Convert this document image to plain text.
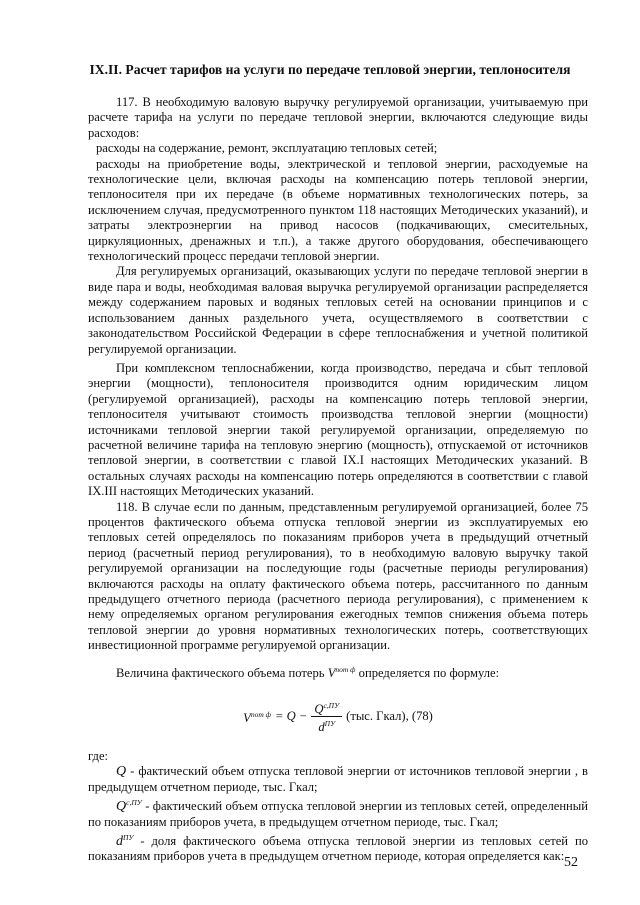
IX.II. Расчет тарифов на услуги по передаче тепловой энергии, теплоносителя

117. В необходимую валовую выручку регулируемой организации, учитываемую при расчете тарифа на услуги по передаче тепловой энергии, включаются следующие виды расходов:

расходы на содержание, ремонт, эксплуатацию тепловых сетей;

расходы на приобретение воды, электрической и тепловой энергии, расходуемые на технологические цели, включая расходы на компенсацию потерь тепловой энергии, теплоносителя при их передаче (в объеме нормативных технологических потерь, за исключением случая, предусмотренного пунктом 118 настоящих Методических указаний), и затраты электроэнергии на привод насосов (подкачивающих, смесительных, циркуляционных, дренажных и т.п.), а также другого оборудования, обеспечивающего технологический процесс передачи тепловой энергии.

Для регулируемых организаций, оказывающих услуги по передаче тепловой энергии в виде пара и воды, необходимая валовая выручка регулируемой организации распределяется между содержанием паровых и водяных тепловых сетей на основании принципов и с использованием данных раздельного учета, осуществляемого в соответствии с законодательством Российской Федерации в сфере теплоснабжения и учетной политикой регулируемой организации.

При комплексном теплоснабжении, когда производство, передача и сбыт тепловой энергии (мощности), теплоносителя производится одним юридическим лицом (регулируемой организацией), расходы на компенсацию потерь тепловой энергии, теплоносителя учитывают стоимость производства тепловой энергии (мощности) источниками тепловой энергии такой регулируемой организации, определяемую по расчетной величине тарифа на тепловую энергию (мощность), отпускаемой от источников тепловой энергии, в соответствии с главой IX.I настоящих Методических указаний. В остальных случаях расходы на компенсацию потерь определяются в соответствии с главой IX.III настоящих Методических указаний.

118. В случае если по данным, представленным регулируемой организацией, более 75 процентов фактического объема отпуска тепловой энергии из эксплуатируемых ею тепловых сетей определялось по показаниям приборов учета в предыдущий отчетный период (расчетный период регулирования), то в необходимую валовую выручку такой регулируемой организации на последующие годы (расчетные периоды регулирования) включаются расходы на оплату фактического объема потерь, рассчитанного по данным предыдущего отчетного периода (расчетного периода регулирования), с применением к нему определяемых органом регулирования ежегодных темпов снижения объема потерь тепловой энергии до уровня нормативных технологических потерь, соответствующих инвестиционной программе регулируемой организации.

Величина фактического объема потерь $V^{пот ф}$ определяется по формуле:

$V^{пот ф} = Q - \frac{Q^{c,ПУ}}{d^{ПУ}} (тыс$. Гкал), (78)

где:

Q - фактический объем отпуска тепловой энергии от источников тепловой энергии , в предыдущем отчетном периоде, тыс. Гкал;

$Q^{c,ПУ}$ - фактический объем отпуска тепловой энергии из тепловых сетей, определенный по показаниям приборов учета, в предыдущем отчетном периоде, тыс. Гкал;

$d^{ПУ}$ - доля фактического объема отпуска тепловой энергии из тепловых сетей по показаниям приборов учета в предыдущем отчетном периоде, которая определяется как: 52
